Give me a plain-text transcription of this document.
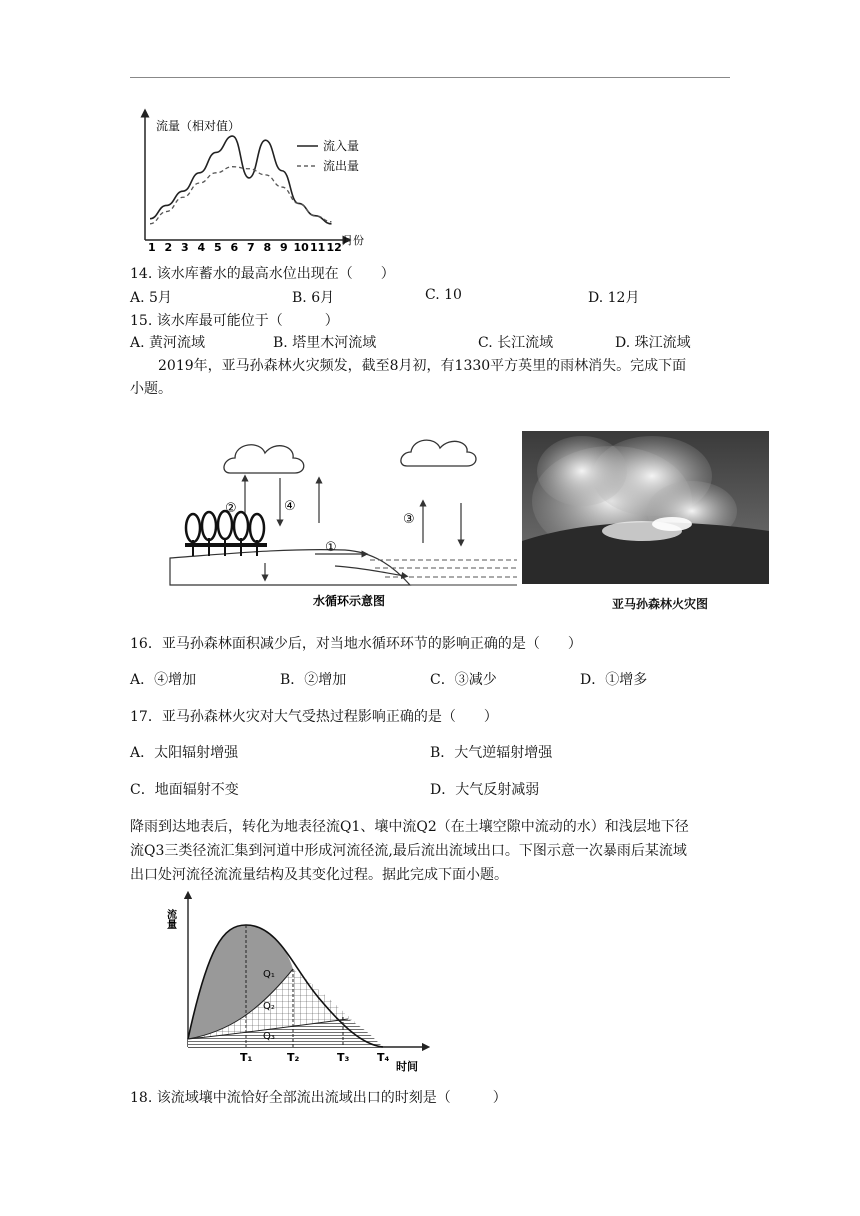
流量（相对值）
月份
流入量
流出量
1 2 3 4 5 6 7 8 9 10 11 12
14. 该水库蓄水的最高水位出现在（　　）
A. 5月	B. 6月	C. 10	D. 12月
15. 该水库最可能位于（　　　）
A. 黄河流域	B. 塔里木河流域	C. 长江流域	D. 珠江流域
2019年，亚马孙森林火灾频发，截至8月初，有1330平方英里的雨林消失。完成下面
小题。
①
②
③
④
水循环示意图	亚马孙森林火灾图
16．亚马孙森林面积减少后，对当地水循环环节的影响正确的是（　　）
A．④增加	B．②增加	C．③减少	D．①增多
17．亚马孙森林火灾对大气受热过程影响正确的是（　　）
A．太阳辐射增强	B．大气逆辐射增强
C．地面辐射不变	D．大气反射减弱
降雨到达地表后，转化为地表径流Q1、壤中流Q2（在土壤空隙中流动的水）和浅层地下径
流Q3三类径流汇集到河道中形成河流径流,最后流出流域出口。下图示意一次暴雨后某流域
出口处河流径流流量结构及其变化过程。据此完成下面小题。
流量
时间
Q₁
Q₂
Q₃
T₁	T₂	T₃	T₄
18. 该流域壤中流恰好全部流出流域出口的时刻是（　　　）
